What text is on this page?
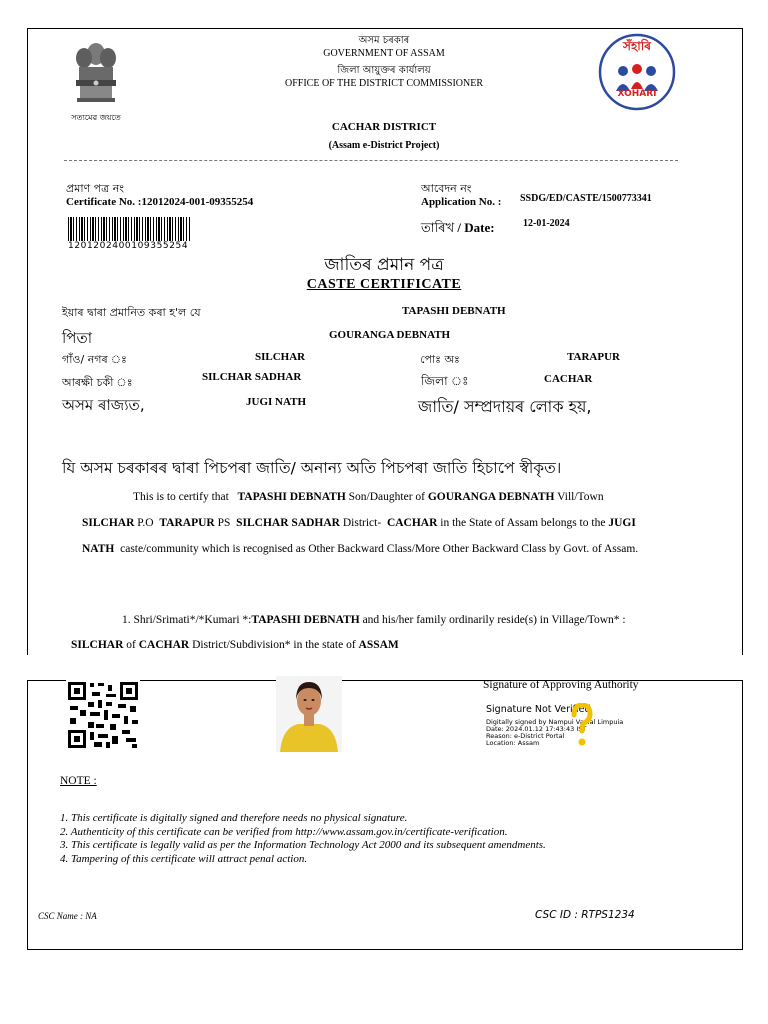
সত্যমেৱ জয়তে
অসম চৰকাৰ
GOVERNMENT OF ASSAM
জিলা আয়ুক্তৰ কাৰ্যালয়
OFFICE OF THE DISTRICT COMMISSIONER
CACHAR DISTRICT
(Assam e-District Project)
সঁহাৰি
XOHARI
প্ৰমাণ পত্ৰ নং
Certificate No. :12012024-001-09355254
আবেদন নং
Application No. : SSDG/ED/CASTE/1500773341
তাৰিখ / Date:	12-01-2024
1201202400109355254
জাতিৰ প্ৰমান পত্ৰ
CASTE CERTIFICATE
ইয়াৰ দ্বাৰা প্ৰমানিত কৰা হ'ল যে	TAPASHI DEBNATH
পিতা	GOURANGA DEBNATH
গাঁও/ নগৰ ঃ	SILCHAR	পোঃ অঃ	TARAPUR
আৰক্ষী চকী ঃ	SILCHAR SADHAR	জিলা ঃ	CACHAR
অসম ৰাজ্যত,	JUGI NATH	জাতি/ সম্প্ৰদায়ৰ লোক হয়,
যি অসম চৰকাৰৰ দ্বাৰা পিচপৰা জাতি/ অনান্য অতি পিচপৰা জাতি হিচাপে স্বীকৃত।
This is to certify that TAPASHI DEBNATH Son/Daughter of GOURANGA DEBNATH Vill/Town
SILCHAR P.O TARAPUR PS SILCHAR SADHAR District- CACHAR in the State of Assam belongs to the JUGI
NATH caste/community which is recognised as Other Backward Class/More Other Backward Class by Govt. of Assam.
1. Shri/Srimati*/*Kumari *:TAPASHI DEBNATH and his/her family ordinarily reside(s) in Village/Town* :
SILCHAR of CACHAR District/Subdivision* in the state of ASSAM
Signature of Approving Authority
Signature Not Verified
Digitally signed by Nampui Vanlal Limpuia
Date: 2024.01.12 17:43:43 IST
Reason: e-District Portal
Location: Assam
NOTE :
1. This certificate is digitally signed and therefore needs no physical signature.
2. Authenticity of this certificate can be verified from http://www.assam.gov.in/certificate-verification.
3. This certificate is legally valid as per the Information Technology Act 2000 and its subsequent amendments.
4. Tampering of this certificate will attract penal action.
CSC Name : NA	CSC ID : RTPS1234
